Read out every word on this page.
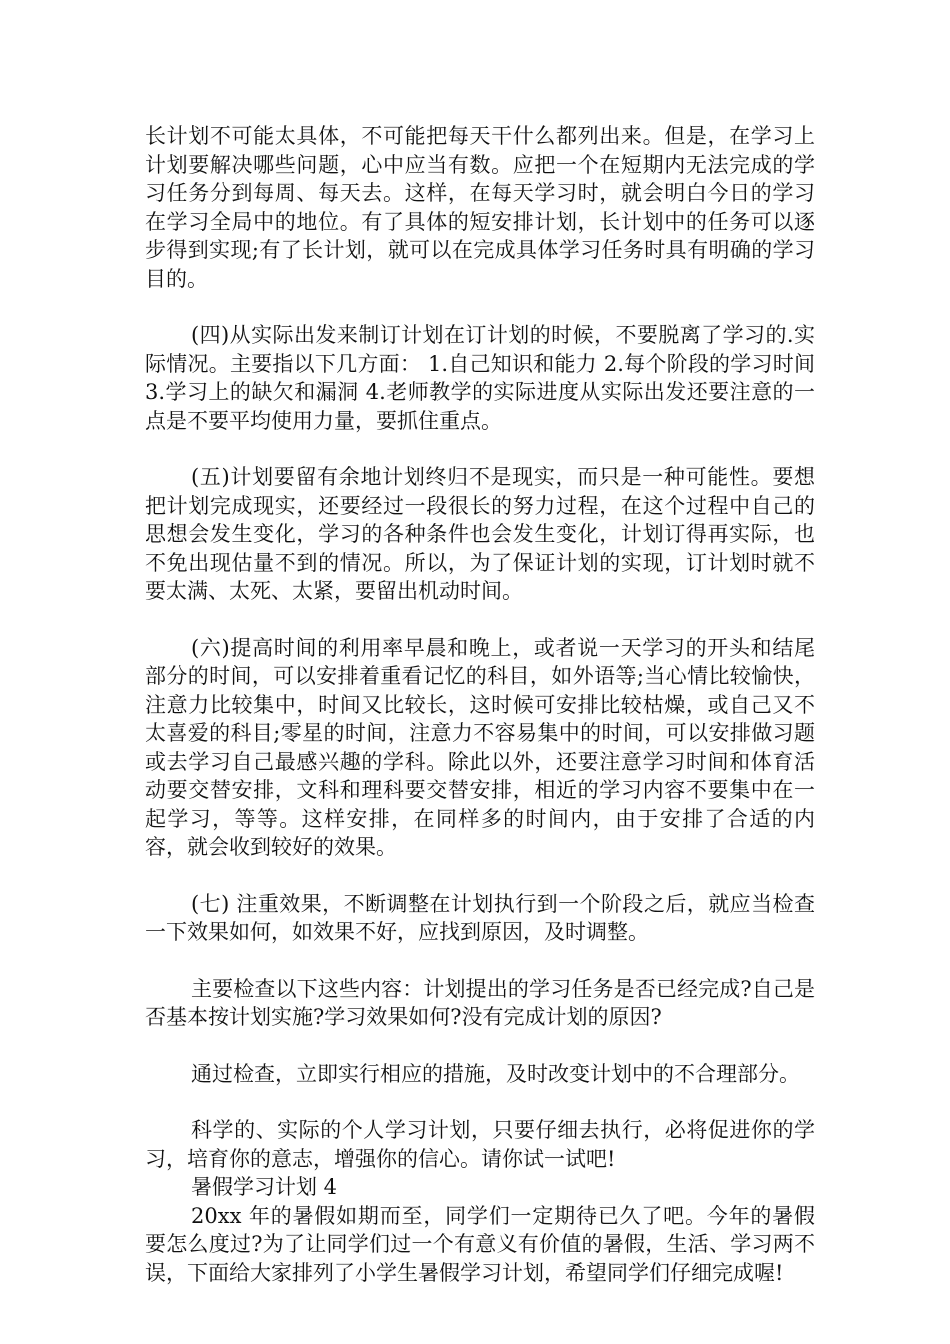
长计划不可能太具体，不可能把每天干什么都列出来。但是，在学习上计划要解决哪些问题，心中应当有数。应把一个在短期内无法完成的学习任务分到每周、每天去。这样，在每天学习时，就会明白今日的学习在学习全局中的地位。有了具体的短安排计划，长计划中的任务可以逐步得到实现;有了长计划，就可以在完成具体学习任务时具有明确的学习目的。

(四)从实际出发来制订计划在订计划的时候，不要脱离了学习的.实际情况。主要指以下几方面： 1.自己知识和能力 2.每个阶段的学习时间 3.学习上的缺欠和漏洞 4.老师教学的实际进度从实际出发还要注意的一点是不要平均使用力量，要抓住重点。

(五)计划要留有余地计划终归不是现实，而只是一种可能性。要想把计划完成现实，还要经过一段很长的努力过程，在这个过程中自己的思想会发生变化，学习的各种条件也会发生变化，计划订得再实际，也不免出现估量不到的情况。所以，为了保证计划的实现，订计划时就不要太满、太死、太紧，要留出机动时间。

(六)提高时间的利用率早晨和晚上，或者说一天学习的开头和结尾部分的时间，可以安排着重看记忆的科目，如外语等;当心情比较愉快，注意力比较集中，时间又比较长，这时候可安排比较枯燥，或自己又不太喜爱的科目;零星的时间，注意力不容易集中的时间，可以安排做习题或去学习自己最感兴趣的学科。除此以外，还要注意学习时间和体育活动要交替安排，文科和理科要交替安排，相近的学习内容不要集中在一起学习，等等。这样安排，在同样多的时间内，由于安排了合适的内容，就会收到较好的效果。

(七) 注重效果，不断调整在计划执行到一个阶段之后，就应当检查一下效果如何，如效果不好，应找到原因，及时调整。

主要检查以下这些内容：计划提出的学习任务是否已经完成?自己是否基本按计划实施?学习效果如何?没有完成计划的原因?

通过检查，立即实行相应的措施，及时改变计划中的不合理部分。

科学的、实际的个人学习计划，只要仔细去执行，必将促进你的学习，培育你的意志，增强你的信心。请你试一试吧!

暑假学习计划 4

20xx 年的暑假如期而至，同学们一定期待已久了吧。今年的暑假要怎么度过?为了让同学们过一个有意义有价值的暑假，生活、学习两不误，下面给大家排列了小学生暑假学习计划，希望同学们仔细完成喔!
